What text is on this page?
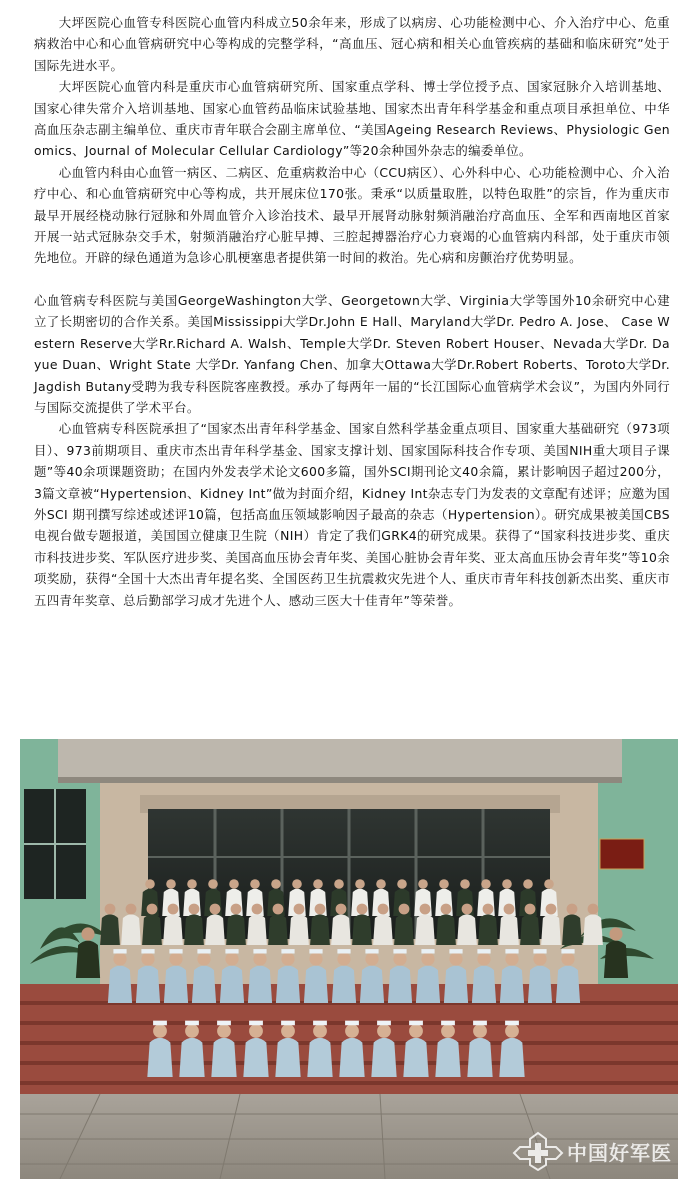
大坪医院心血管专科医院心血管内科成立50余年来，形成了以病房、心功能检测中心、介入治疗中心、危重病救治中心和心血管病研究中心等构成的完整学科，“高血压、冠心病和相关心血管疾病的基础和临床研究”处于国际先进水平。

大坪医院心血管内科是重庆市心血管病研究所、国家重点学科、博士学位授予点、国家冠脉介入培训基地、国家心律失常介入培训基地、国家心血管药品临床试验基地、国家杰出青年科学基金和重点项目承担单位、中华高血压杂志副主编单位、重庆市青年联合会副主席单位、“美国Ageing Research Reviews、Physiologic Genomics、Journal of Molecular Cellular Cardiology”等20余种国外杂志的编委单位。

心血管内科由心血管一病区、二病区、危重病救治中心（CCU病区）、心外科中心、心功能检测中心、介入治疗中心、和心血管病研究中心等构成，共开展床位170张。秉承“以质量取胜，以特色取胜”的宗旨，作为重庆市最早开展经桡动脉行冠脉和外周血管介入诊治技术、最早开展肾动脉射频消融治疗高血压、全军和西南地区首家开展一站式冠脉杂交手术，射频消融治疗心脏早搏、三腔起搏器治疗心力衰竭的心血管病内科部，处于重庆市领先地位。开辟的绿色通道为急诊心肌梗塞患者提供第一时间的救治。先心病和房颤治疗优势明显。

心血管病专科医院与美国GeorgeWashington大学、Georgetown大学、Virginia大学等国外10余研究中心建立了长期密切的合作关系。美国Mississippi大学Dr.John E Hall、Maryland大学Dr. Pedro A. Jose、 Case Western Reserve大学Rr.Richard A. Walsh、Temple大学Dr. Steven Robert Houser、Nevada大学Dr. Dayue Duan、Wright State 大学Dr. Yanfang Chen、加拿大Ottawa大学Dr.Robert Roberts、Toroto大学Dr.Jagdish Butany受聘为我专科医院客座教授。承办了每两年一届的“长江国际心血管病学术会议”，为国内外同行与国际交流提供了学术平台。

心血管病专科医院承担了“国家杰出青年科学基金、国家自然科学基金重点项目、国家重大基础研究（973项目）、973前期项目、重庆市杰出青年科学基金、国家支撑计划、国家国际科技合作专项、美国NIH重大项目子课题”等40余项课题资助；在国内外发表学术论文600多篇，国外SCI期刊论文40余篇，累计影响因子超过200分，3篇文章被“Hypertension、Kidney Int”做为封面介绍，Kidney Int杂志专门为发表的文章配有述评；应邀为国外SCI 期刊撰写综述或述评10篇，包括高血压领域影响因子最高的杂志（Hypertension）。研究成果被美国CBS电视台做专题报道，美国国立健康卫生院（NIH）肯定了我们GRK4的研究成果。获得了“国家科技进步奖、重庆市科技进步奖、军队医疗进步奖、美国高血压协会青年奖、美国心脏协会青年奖、亚太高血压协会青年奖”等10余项奖励，获得“全国十大杰出青年提名奖、全国医药卫生抗震救灾先进个人、重庆市青年科技创新杰出奖、重庆市五四青年奖章、总后勤部学习成才先进个人、感动三医大十佳青年”等荣誉。

中国好军医
